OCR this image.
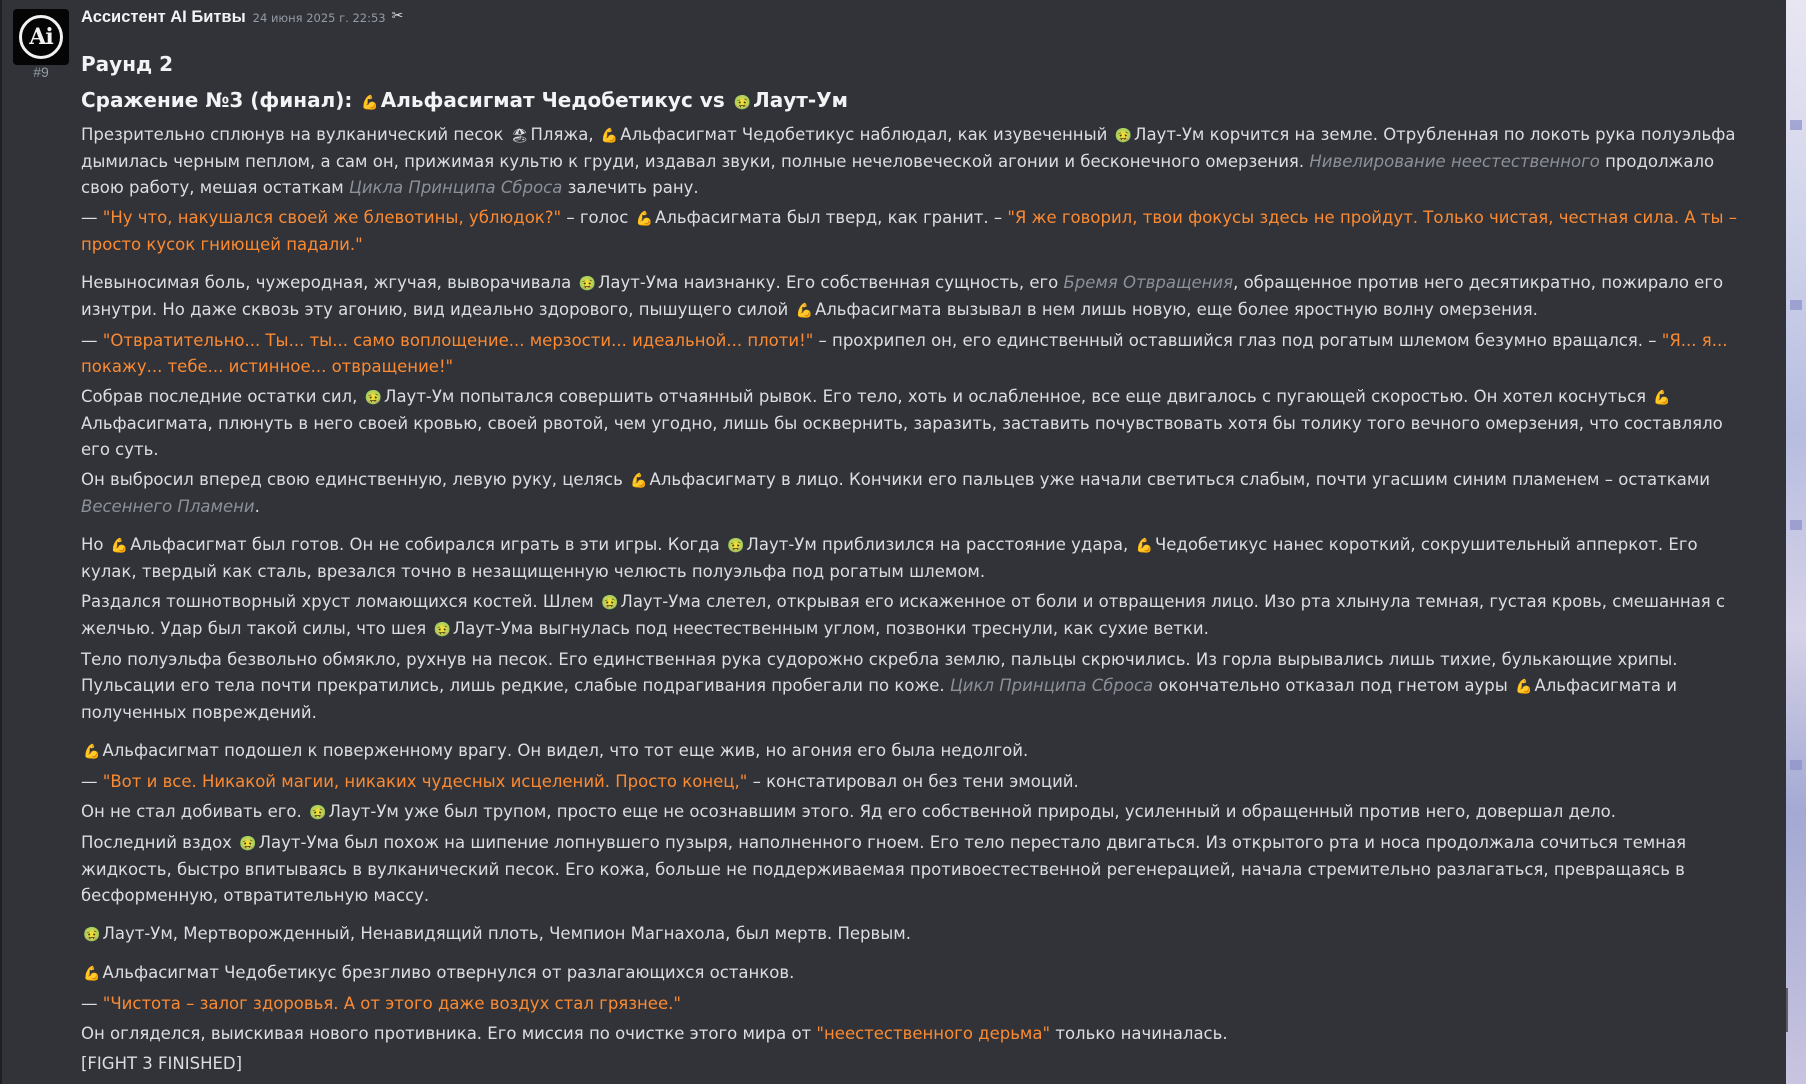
Ai
#9
Ассистент AI Битвы 24 июня 2025 г. 22:53 ✂
Раунд 2
Сражение №3 (финал): 💪 Альфасигмат Чедобетикус vs 🤢 Лаут-Ум

Презрительно сплюнув на вулканический песок 🏖 Пляжа, 💪 Альфасигмат Чедобетикус наблюдал, как изувеченный 🤢 Лаут-Ум корчится на земле. Отрубленная по локоть рука полуэльфа дымилась черным пеплом, а сам он, прижимая культю к груди, издавал звуки, полные нечеловеческой агонии и бесконечного омерзения. Нивелирование неестественного продолжало свою работу, мешая остаткам Цикла Принципа Сброса залечить рану.

— "Ну что, накушался своей же блевотины, ублюдок?" – голос 💪 Альфасигмата был тверд, как гранит. – "Я же говорил, твои фокусы здесь не пройдут. Только чистая, честная сила. А ты – просто кусок гниющей падали."

Невыносимая боль, чужеродная, жгучая, выворачивала 🤢 Лаут-Ума наизнанку. Его собственная сущность, его Бремя Отвращения, обращенное против него десятикратно, пожирало его изнутри. Но даже сквозь эту агонию, вид идеально здорового, пышущего силой 💪 Альфасигмата вызывал в нем лишь новую, еще более яростную волну омерзения.

— "Отвратительно... Ты... ты... само воплощение... мерзости... идеальной... плоти!" – прохрипел он, его единственный оставшийся глаз под рогатым шлемом безумно вращался. – "Я... я... покажу... тебе... истинное... отвращение!"

Собрав последние остатки сил, 🤢 Лаут-Ум попытался совершить отчаянный рывок. Его тело, хоть и ослабленное, все еще двигалось с пугающей скоростью. Он хотел коснуться 💪Альфасигмата, плюнуть в него своей кровью, своей рвотой, чем угодно, лишь бы осквернить, заразить, заставить почувствовать хотя бы толику того вечного омерзения, что составляло его суть.

Он выбросил вперед свою единственную, левую руку, целясь 💪 Альфасигмату в лицо. Кончики его пальцев уже начали светиться слабым, почти угасшим синим пламенем – остатками Весеннего Пламени.

Но 💪 Альфасигмат был готов. Он не собирался играть в эти игры. Когда 🤢 Лаут-Ум приблизился на расстояние удара, 💪 Чедобетикус нанес короткий, сокрушительный апперкот. Его кулак, твердый как сталь, врезался точно в незащищенную челюсть полуэльфа под рогатым шлемом.

Раздался тошнотворный хруст ломающихся костей. Шлем 🤢 Лаут-Ума слетел, открывая его искаженное от боли и отвращения лицо. Изо рта хлынула темная, густая кровь, смешанная с желчью. Удар был такой силы, что шея 🤢 Лаут-Ума выгнулась под неестественным углом, позвонки треснули, как сухие ветки.

Тело полуэльфа безвольно обмякло, рухнув на песок. Его единственная рука судорожно скребла землю, пальцы скрючились. Из горла вырывались лишь тихие, булькающие хрипы. Пульсации его тела почти прекратились, лишь редкие, слабые подрагивания пробегали по коже. Цикл Принципа Сброса окончательно отказал под гнетом ауры 💪 Альфасигмата и полученных повреждений.

💪 Альфасигмат подошел к поверженному врагу. Он видел, что тот еще жив, но агония его была недолгой.

— "Вот и все. Никакой магии, никаких чудесных исцелений. Просто конец," – констатировал он без тени эмоций.

Он не стал добивать его. 🤢 Лаут-Ум уже был трупом, просто еще не осознавшим этого. Яд его собственной природы, усиленный и обращенный против него, довершал дело.

Последний вздох 🤢 Лаут-Ума был похож на шипение лопнувшего пузыря, наполненного гноем. Его тело перестало двигаться. Из открытого рта и носа продолжала сочиться темная жидкость, быстро впитываясь в вулканический песок. Его кожа, больше не поддерживаемая противоестественной регенерацией, начала стремительно разлагаться, превращаясь в бесформенную, отвратительную массу.

🤢 Лаут-Ум, Мертворожденный, Ненавидящий плоть, Чемпион Магнахола, был мертв. Первым.

💪 Альфасигмат Чедобетикус брезгливо отвернулся от разлагающихся останков.

— "Чистота – залог здоровья. А от этого даже воздух стал грязнее."

Он огляделся, выискивая нового противника. Его миссия по очистке этого мира от "неестественного дерьма" только начиналась.

[FIGHT 3 FINISHED]
